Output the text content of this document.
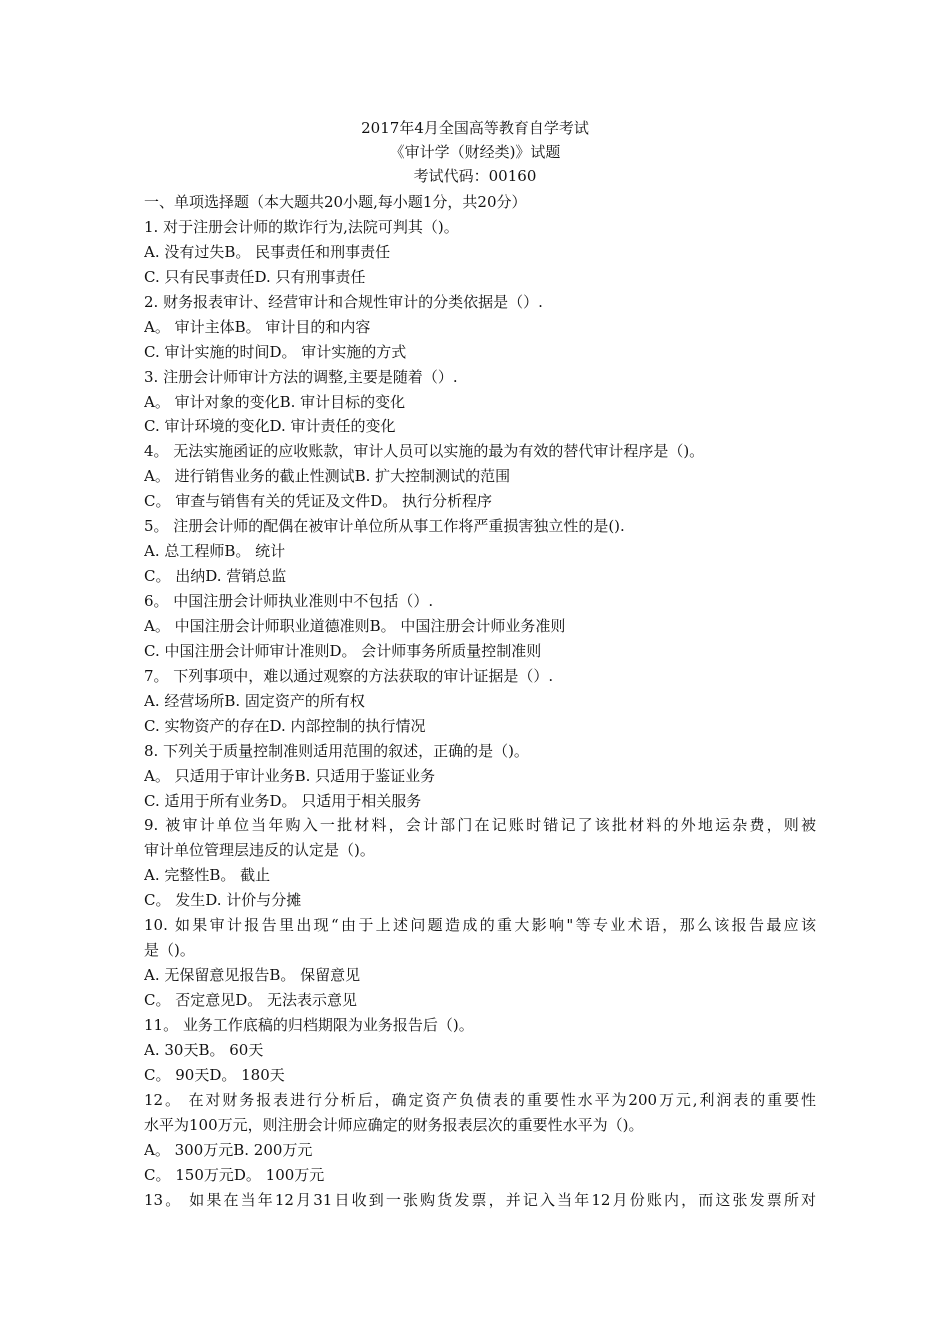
2017年4月全国高等教育自学考试
《审计学（财经类)》试题
考试代码：00160
一、单项选择题（本大题共20小题,每小题1分，共20分）
1. 对于注册会计师的欺诈行为,法院可判其（)。
A. 没有过失B。 民事责任和刑事责任
C. 只有民事责任D. 只有刑事责任
2. 财务报表审计、经营审计和合规性审计的分类依据是（）.
A。 审计主体B。 审计目的和内容
C. 审计实施的时间D。 审计实施的方式
3. 注册会计师审计方法的调整,主要是随着（）.
A。 审计对象的变化B. 审计目标的变化
C. 审计环境的变化D. 审计责任的变化
4。 无法实施函证的应收账款，审计人员可以实施的最为有效的替代审计程序是（)。
A。 进行销售业务的截止性测试B. 扩大控制测试的范围
C。 审查与销售有关的凭证及文件D。 执行分析程序
5。 注册会计师的配偶在被审计单位所从事工作将严重损害独立性的是().
A. 总工程师B。 统计
C。 出纳D. 营销总监
6。 中国注册会计师执业准则中不包括（）.
A。 中国注册会计师职业道德准则B。 中国注册会计师业务准则
C. 中国注册会计师审计准则D。 会计师事务所质量控制准则
7。 下列事项中，难以通过观察的方法获取的审计证据是（）.
A. 经营场所B. 固定资产的所有权
C. 实物资产的存在D. 内部控制的执行情况
8. 下列关于质量控制准则适用范围的叙述，正确的是（)。
A。 只适用于审计业务B. 只适用于鉴证业务
C. 适用于所有业务D。 只适用于相关服务
9. 被审计单位当年购入一批材料，会计部门在记账时错记了该批材料的外地运杂费，则被
审计单位管理层违反的认定是（)。
A. 完整性B。 截止
C。 发生D. 计价与分摊
10. 如果审计报告里出现“由于上述问题造成的重大影响"等专业术语，那么该报告最应该
是（)。
A. 无保留意见报告B。 保留意见
C。 否定意见D。 无法表示意见
11。 业务工作底稿的归档期限为业务报告后（)。
A. 30天B。 60天
C。 90天D。 180天
12。 在对财务报表进行分析后，确定资产负债表的重要性水平为200万元,利润表的重要性
水平为100万元，则注册会计师应确定的财务报表层次的重要性水平为（)。
A。 300万元B. 200万元
C。 150万元D。 100万元
13。 如果在当年12月31日收到一张购货发票，并记入当年12月份账内，而这张发票所对
